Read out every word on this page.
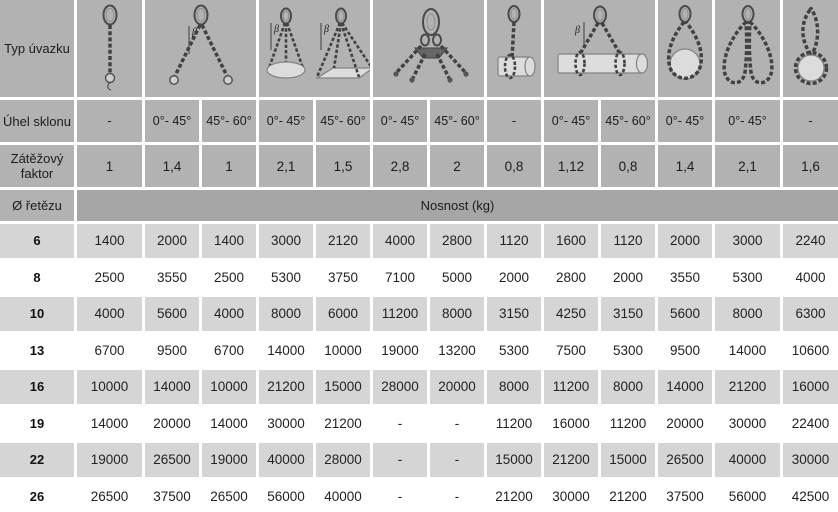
Typ úvazku		β		β β					β

Úhel sklonu	-	0°- 45°	45°- 60°	0°- 45°	45°- 60°	0°- 45°	45°- 60°	-	0°- 45°	45°- 60°	0°- 45°	0°- 45°	-
Zátěžový faktor	1	1,4	1	2,1	1,5	2,8	2	0,8	1,12	0,8	1,4	2,1	1,6
Ø řetězu	Nosnost (kg)												
6	1400	2000	1400	3000	2120	4000	2800	1120	1600	1120	2000	3000	2240
8	2500	3550	2500	5300	3750	7100	5000	2000	2800	2000	3550	5300	4000
10	4000	5600	4000	8000	6000	11200	8000	3150	4250	3150	5600	8000	6300
13	6700	9500	6700	14000	10000	19000	13200	5300	7500	5300	9500	14000	10600
16	10000	14000	10000	21200	15000	28000	20000	8000	11200	8000	14000	21200	16000
19	14000	20000	14000	30000	21200	-	-	11200	16000	11200	20000	30000	22400
22	19000	26500	19000	40000	28000	-	-	15000	21200	15000	26500	40000	30000
26	26500	37500	26500	56000	40000	-	-	21200	30000	21200	37500	56000	42500
